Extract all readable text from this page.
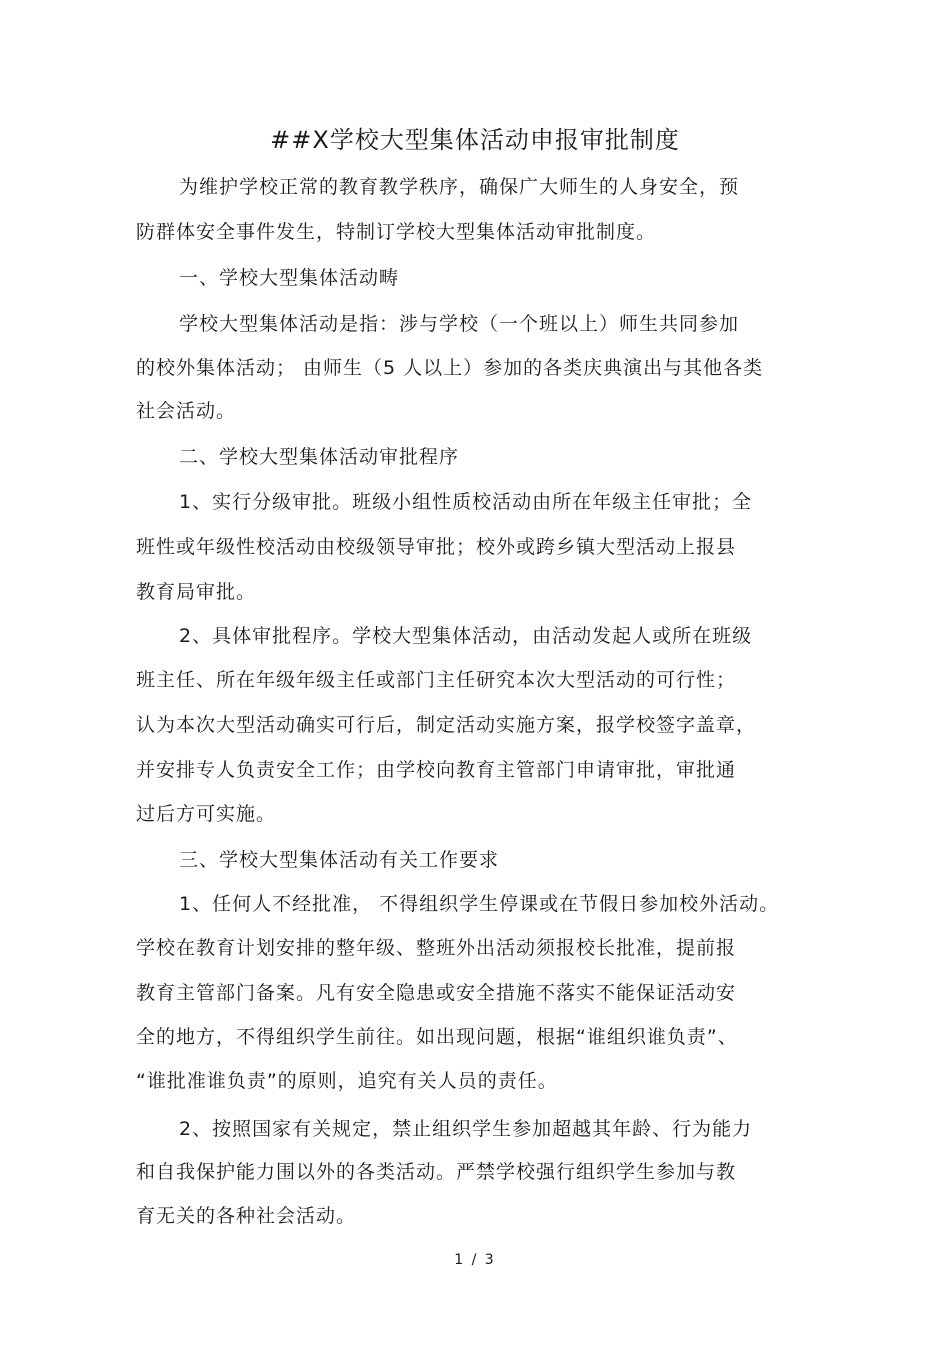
##X学校大型集体活动申报审批制度
为维护学校正常的教育教学秩序，确保广大师生的人身安全，预
防群体安全事件发生，特制订学校大型集体活动审批制度。
一、学校大型集体活动畴
学校大型集体活动是指：涉与学校（一个班以上）师生共同参加
的校外集体活动； 由师生（5 人以上）参加的各类庆典演出与其他各类
社会活动。
二、学校大型集体活动审批程序
1、实行分级审批。班级小组性质校活动由所在年级主任审批；全
班性或年级性校活动由校级领导审批；校外或跨乡镇大型活动上报县
教育局审批。
2、具体审批程序。学校大型集体活动，由活动发起人或所在班级
班主任、所在年级年级主任或部门主任研究本次大型活动的可行性；
认为本次大型活动确实可行后，制定活动实施方案，报学校签字盖章，
并安排专人负责安全工作；由学校向教育主管部门申请审批，审批通
过后方可实施。
三、学校大型集体活动有关工作要求
1、任何人不经批准， 不得组织学生停课或在节假日参加校外活动。
学校在教育计划安排的整年级、整班外出活动须报校长批准，提前报
教育主管部门备案。凡有安全隐患或安全措施不落实不能保证活动安
全的地方，不得组织学生前往。如出现问题，根据“谁组织谁负责”、
“谁批准谁负责”的原则，追究有关人员的责任。
2、按照国家有关规定，禁止组织学生参加超越其年龄、行为能力
和自我保护能力围以外的各类活动。严禁学校强行组织学生参加与教
育无关的各种社会活动。
1 / 3
